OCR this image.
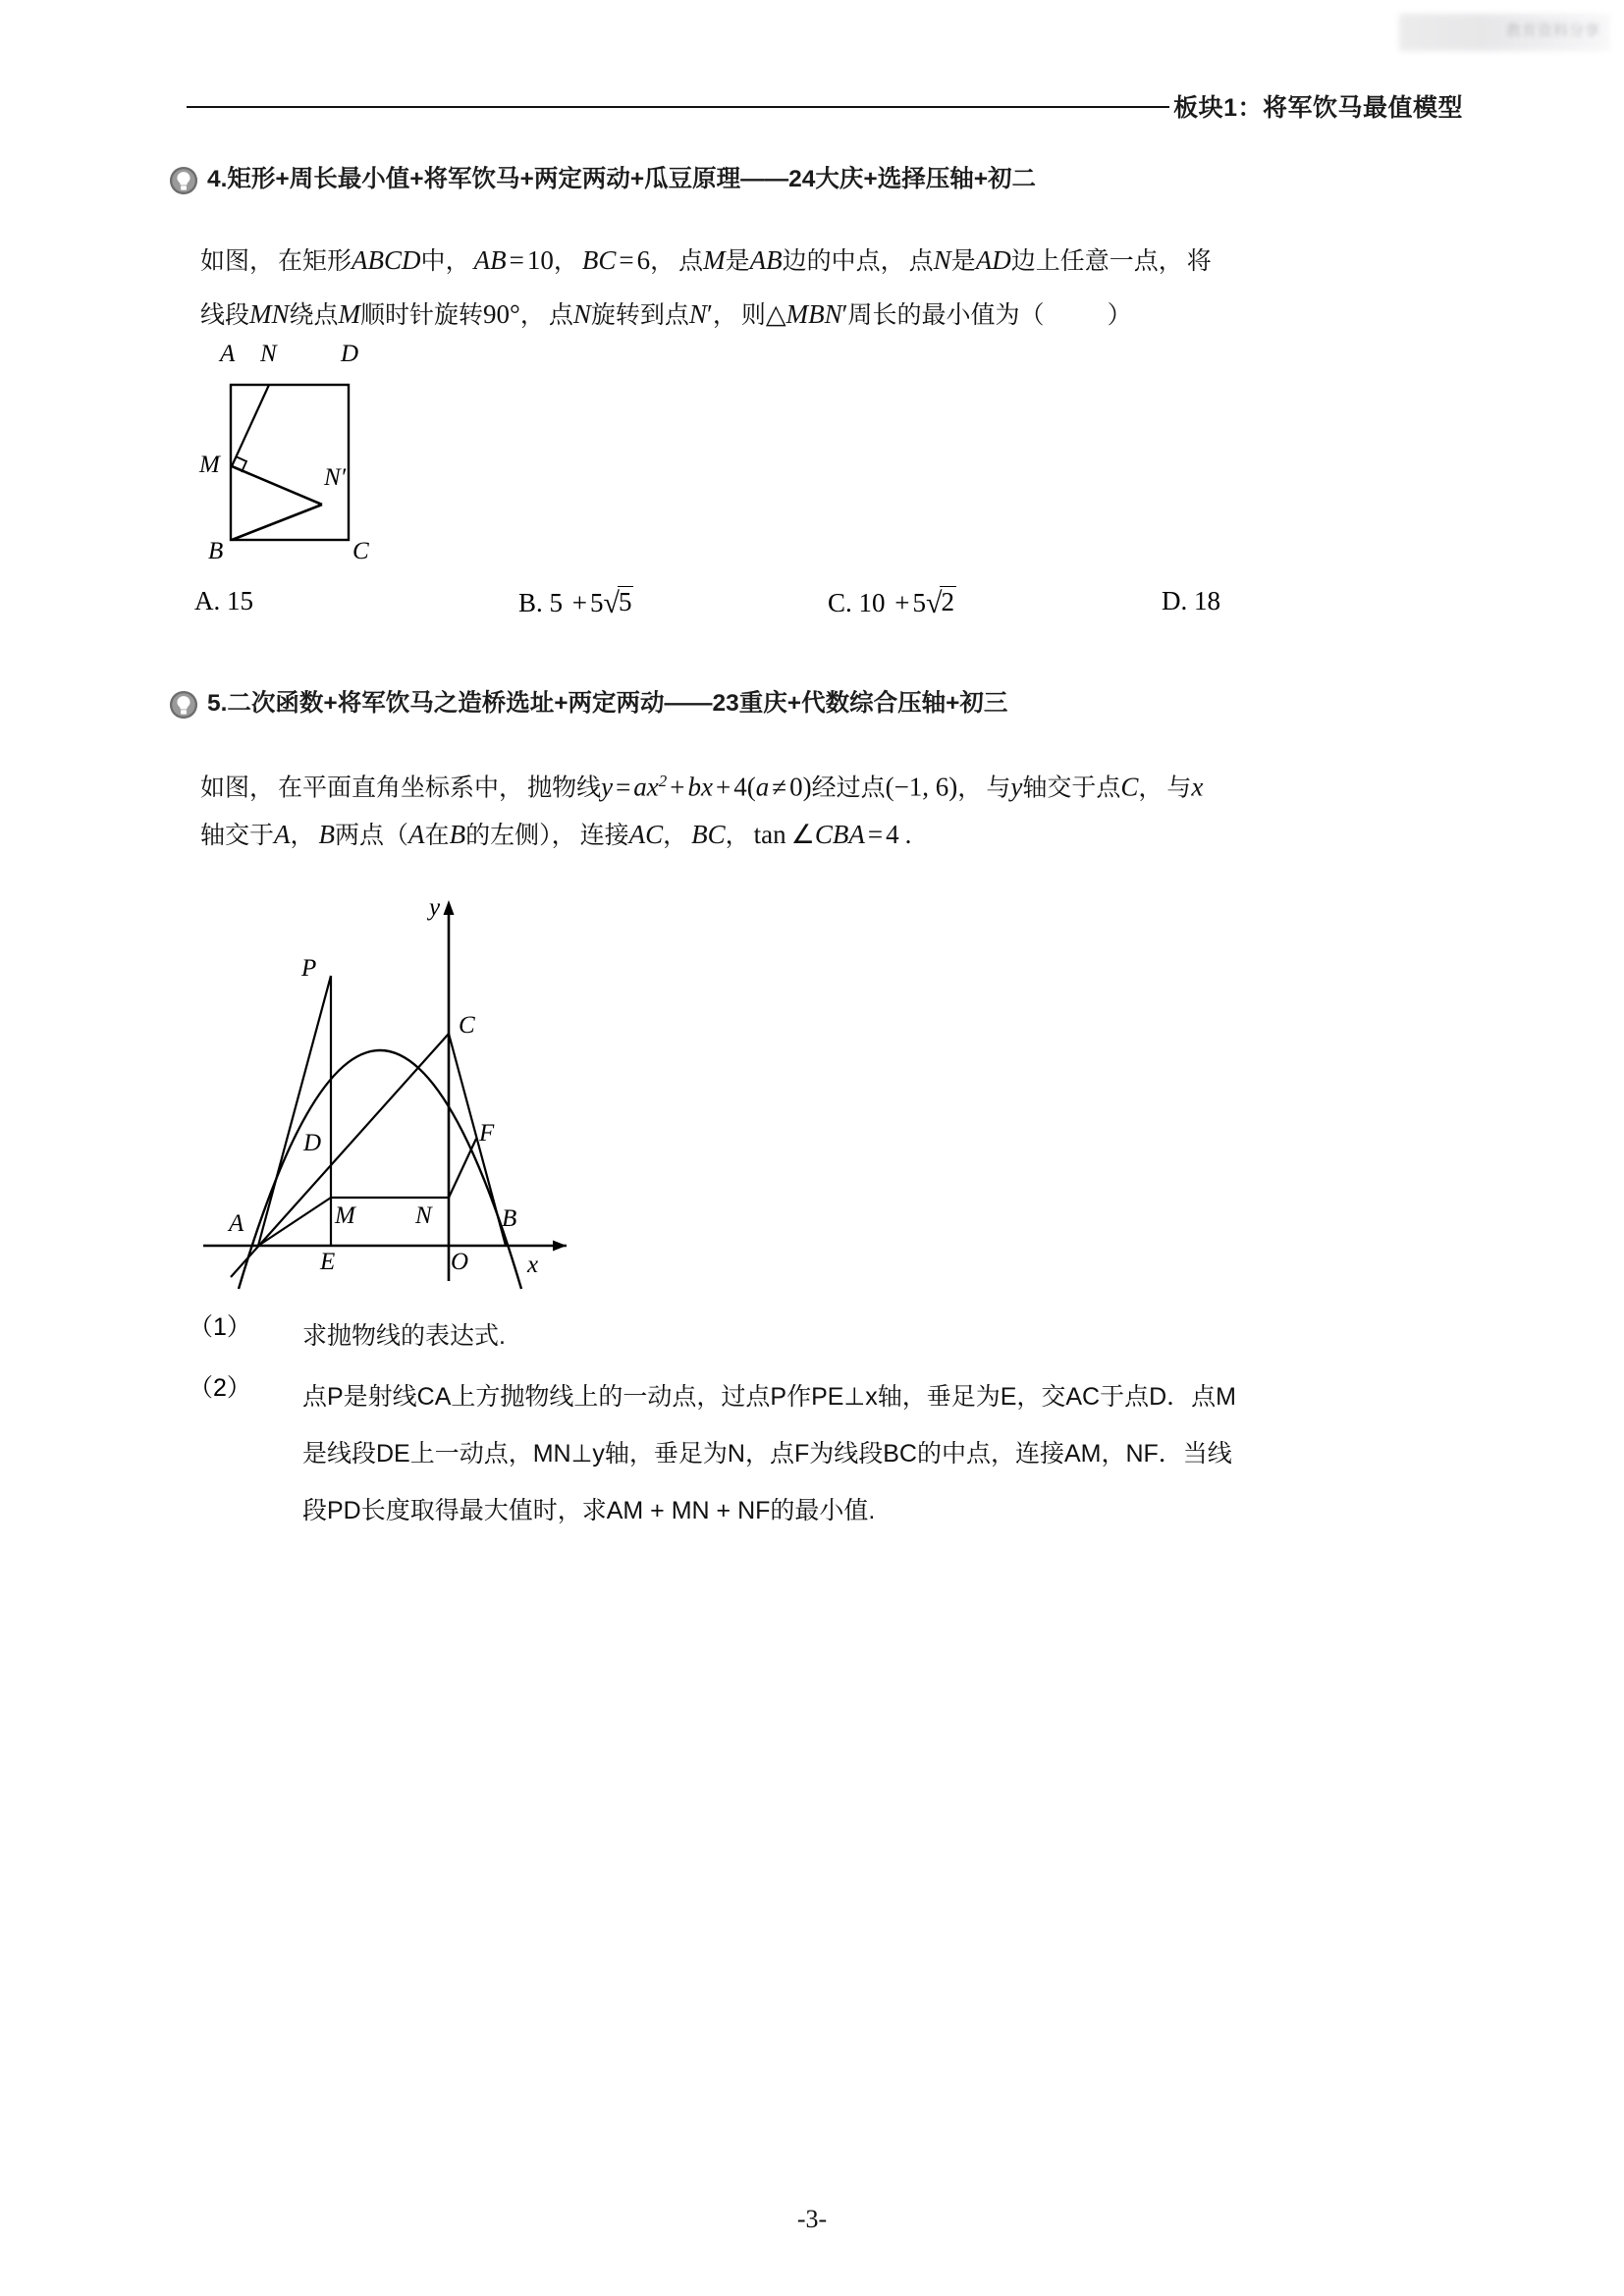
教育资料分享
板块1：将军饮马最值模型
4.矩形+周长最小值+将军饮马+两定两动+瓜豆原理——24大庆+选择压轴+初二
如图， 在矩形ABCD中， AB = 10， BC = 6， 点M是AB边的中点， 点N是AD边上任意一点， 将
线段MN绕点M顺时针旋转90°， 点N旋转到点N′， 则△MBN′周长的最小值为（	）
A N	D
M	N′
B	C
A. 15	B. 5 + 5√5	C. 10 + 5√2	D. 18
5.二次函数+将军饮马之造桥选址+两定两动——23重庆+代数综合压轴+初三
如图， 在平面直角坐标系中， 抛物线$y = ax^2$ + bx + 4(a ≠ 0)经过点(−1, 6)， 与y轴交于点C， 与x
轴交于A， B两点（A在B的左侧）， 连接AC， BC， tan ∠CBA = 4 .
P
C
D	F
A	M N	B
E	O x
y
（1） 求抛物线的表达式.
（2） 点P是射线CA上方抛物线上的一动点，过点P作PE⊥x轴，垂足为E，交AC于点D．点M
是线段DE上一动点，MN⊥y轴，垂足为N，点F为线段BC的中点，连接AM，NF．当线
段PD长度取得最大值时，求AM + MN + NF的最小值.
-3-
